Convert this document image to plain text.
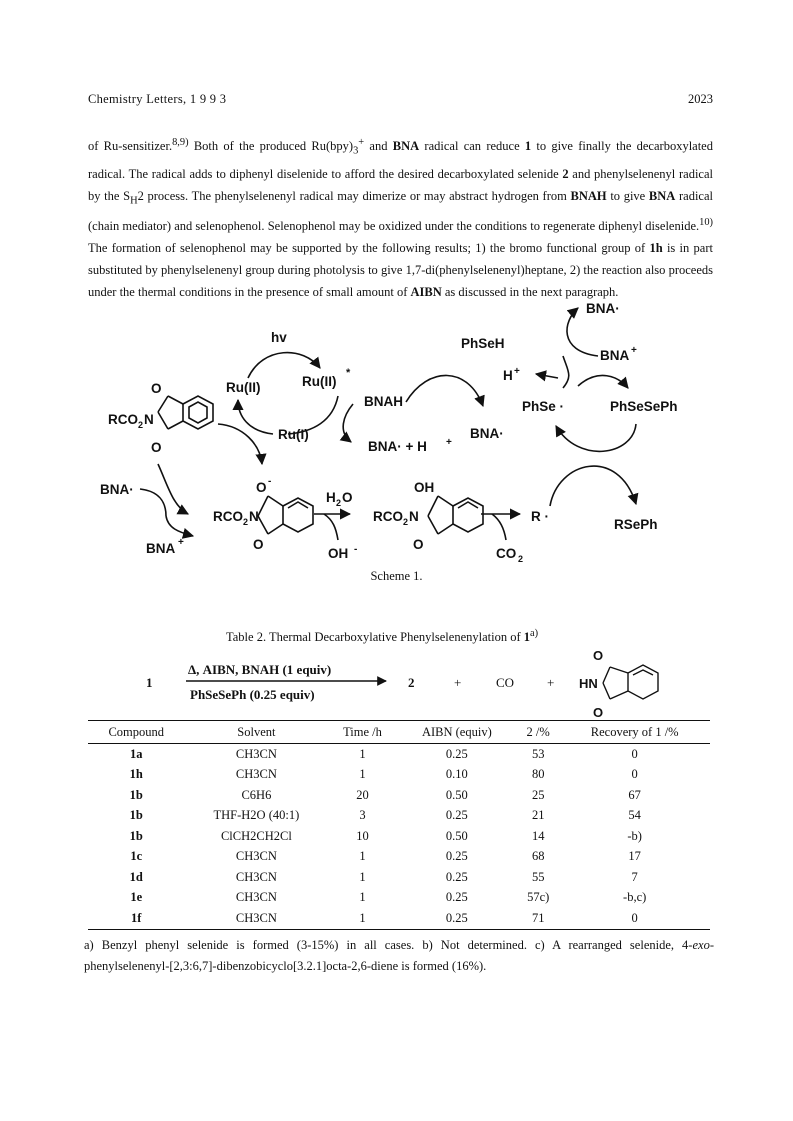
Chemistry Letters, 1 9 9 3	2023

of Ru-sensitizer.$^{8,9)}$ Both of the produced $Ru(bpy)_3^+$ and BNA radical can reduce 1 to give finally the decarboxylated radical. The radical adds to diphenyl diselenide to afford the desired decarboxylated selenide 2 and phenylselenenyl radical by the $S_H2$ process. The phenylselenenyl radical may dimerize or may abstract hydrogen from BNAH to give BNA radical (chain mediator) and selenophenol. Selenophenol may be oxidized under the conditions to regenerate diphenyl diselenide.$^{10)}$ The formation of selenophenol may be supported by the following results; 1) the bromo functional group of 1h is in part substituted by phenylselenenyl group during photolysis to give 1,7-di(phenylselenenyl)heptane, 2) the reaction also proceeds under the thermal conditions in the presence of small amount of AIBN as discussed in the next paragraph.

hv
Ru(II)	Ru(II)
*
Ru(I)
BNAH
BNA· + H +
O
O
RCO 2 N
BNA·
BNA +
RCO 2 N
O -
O
H 2 O
OH -
RCO 2 N
OH
O
R ·
CO 2
PhSeH
H +
PhSe ·
BNA·
BNA·
BNA +
PhSeSePh
RSePh
Scheme 1.
Table 2. Thermal Decarboxylative Phenylselenenylation of 1$^{a)}$
1
Δ, AIBN, BNAH (1 equiv)
PhSeSePh (0.25 equiv)
2	+	CO	+ HN
O
O
Compound	Solvent	Time /h	AIBN (equiv)	2 /%	Recovery of 1 /%
1a	CH3CN	1	0.25	53	0
1h	CH3CN	1	0.10	80	0
1b	C6H6	20	0.50	25	67
1b	THF-H2O (40:1)	3	0.25	21	54
1b	ClCH2CH2Cl	10	0.50	14	-b)
1c	CH3CN	1	0.25	68	17
1d	CH3CN	1	0.25	55	7
1e	CH3CN	1	0.25	57c)	-b,c)
1f	CH3CN	1	0.25	71	0
a) Benzyl phenyl selenide is formed (3-15%) in all cases. b) Not determined. c) A rearranged selenide, 4-exo-phenylselenenyl-[2,3:6,7]-dibenzobicyclo[3.2.1]octa-2,6-diene is formed (16%).
